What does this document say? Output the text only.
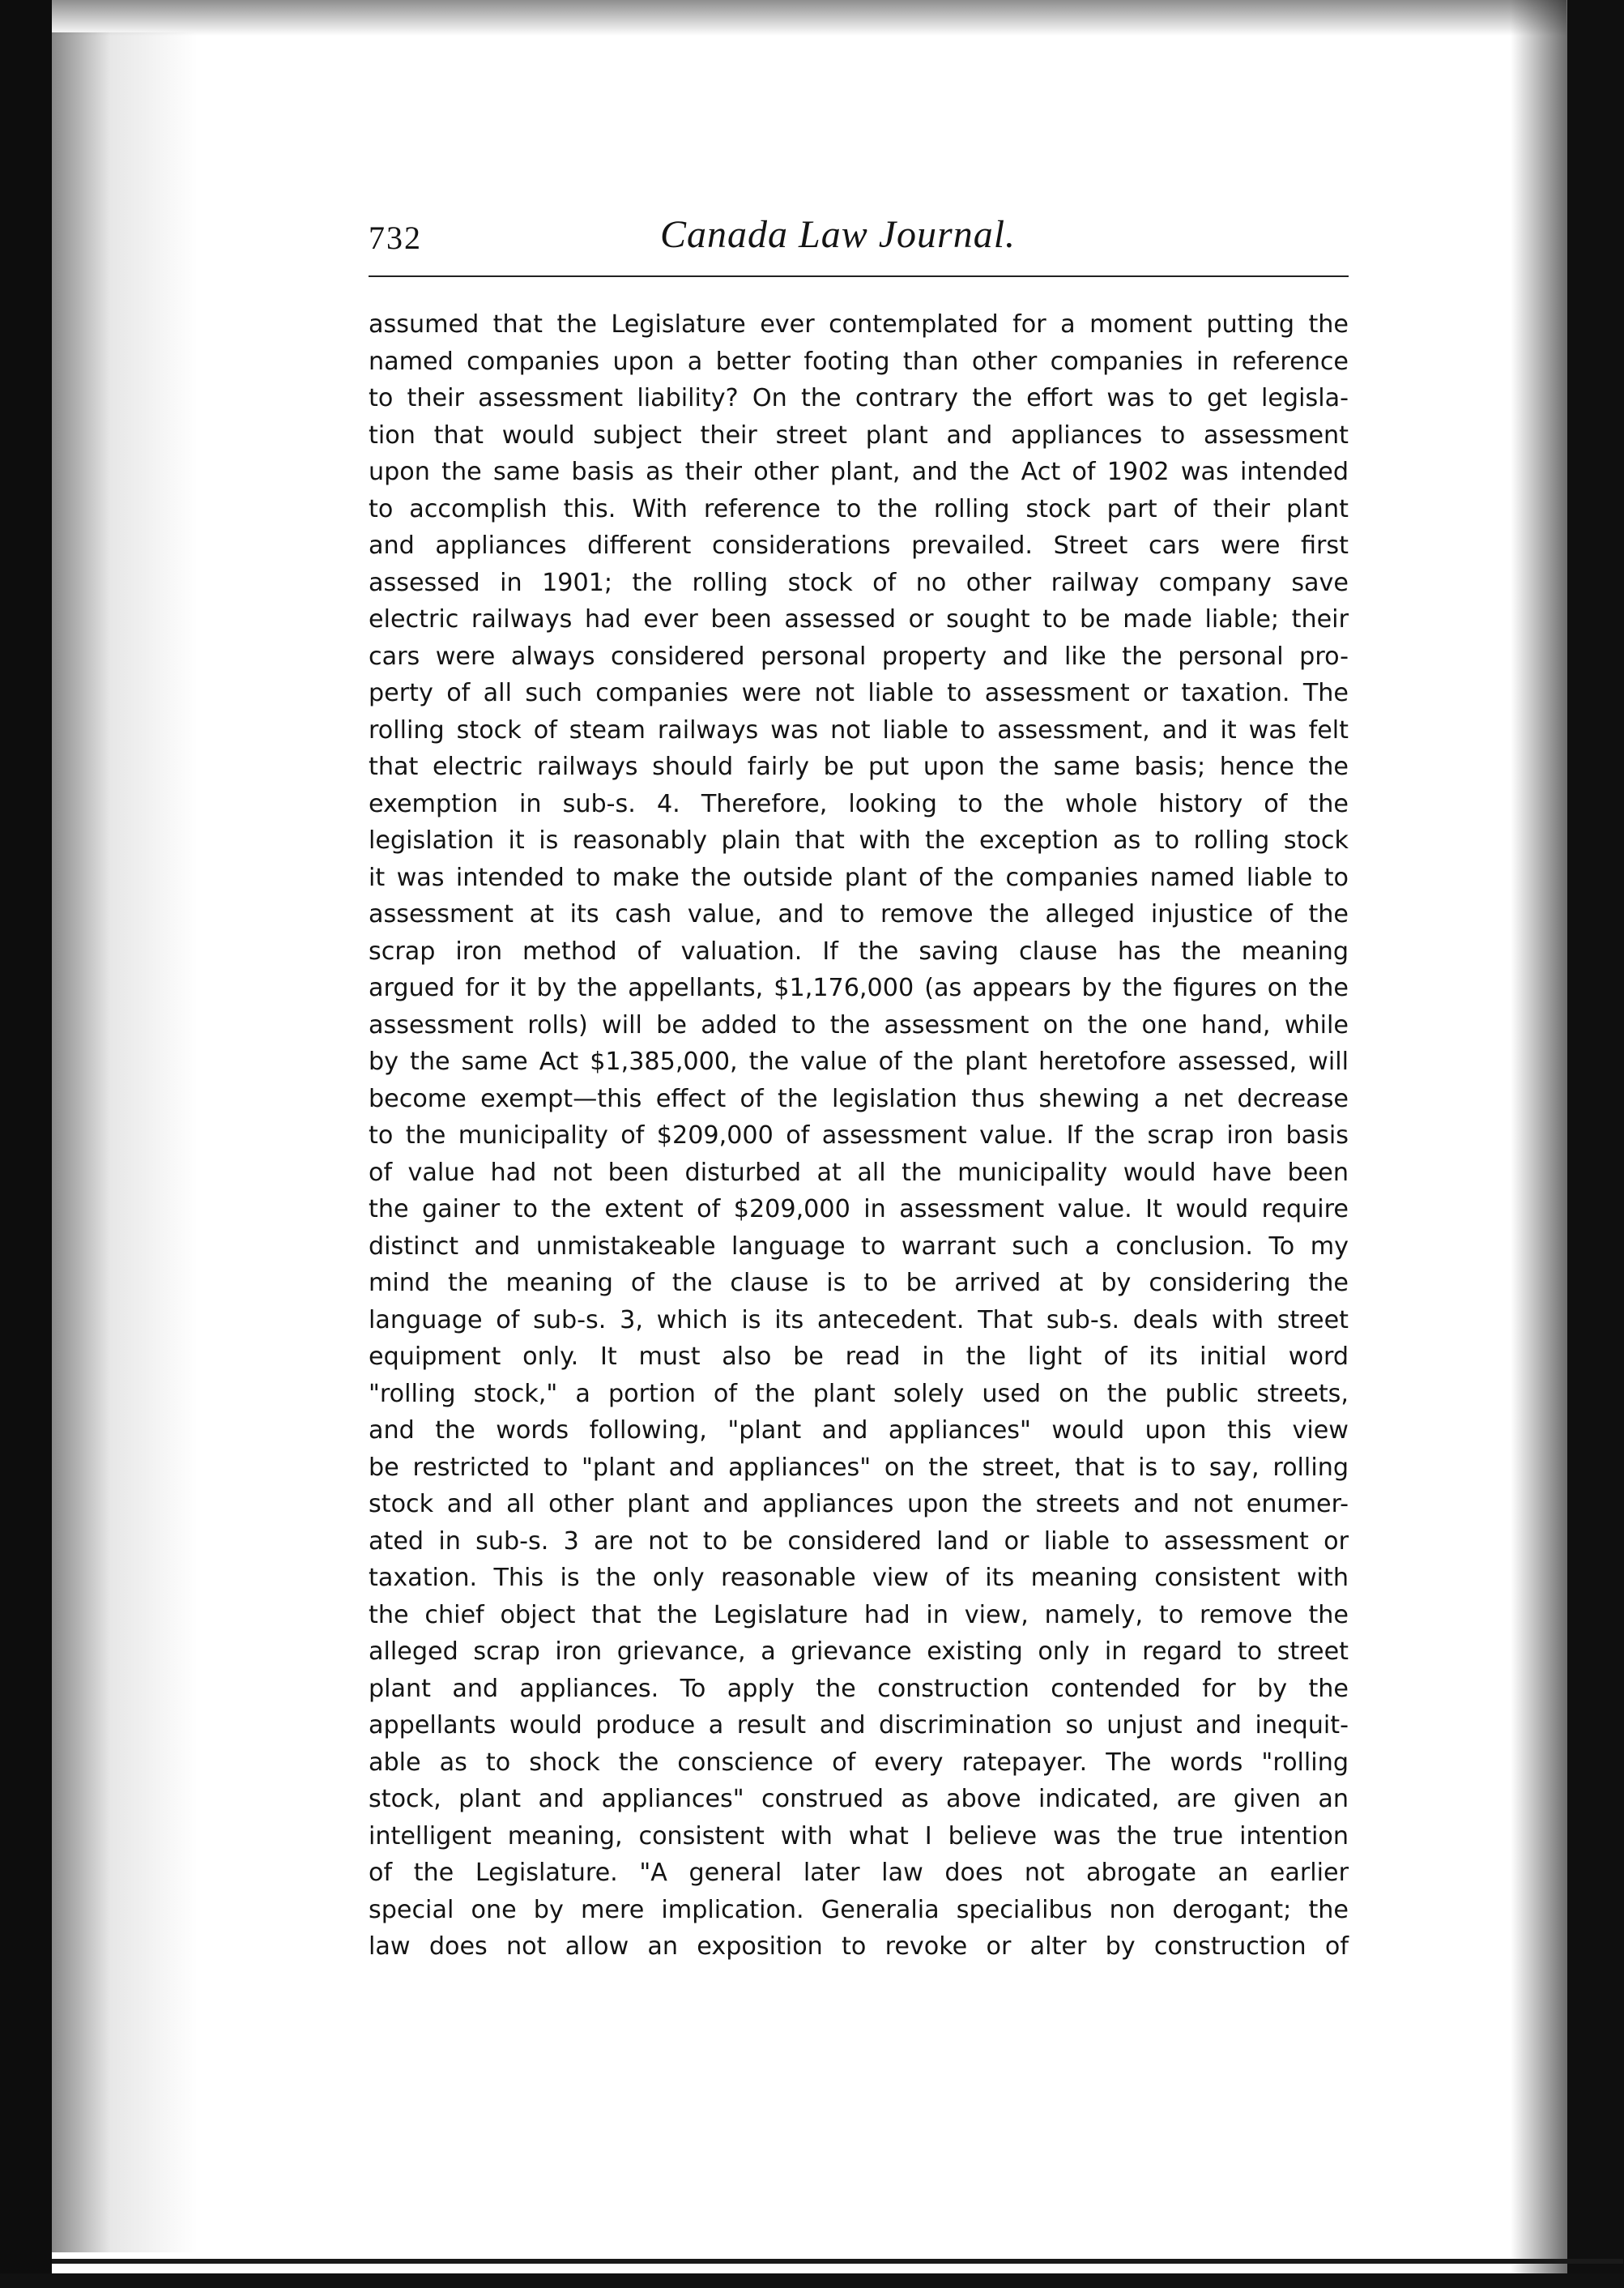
732	Canada Law Journal.
assumed that the Legislature ever contemplated for a moment putting the
named companies upon a better footing than other companies in reference
to their assessment liability? On the contrary the effort was to get legisla-
tion that would subject their street plant and appliances to assessment
upon the same basis as their other plant, and the Act of 1902 was intended
to accomplish this. With reference to the rolling stock part of their plant
and appliances different considerations prevailed. Street cars were first
assessed in 1901; the rolling stock of no other railway company save
electric railways had ever been assessed or sought to be made liable; their
cars were always considered personal property and like the personal pro-
perty of all such companies were not liable to assessment or taxation. The
rolling stock of steam railways was not liable to assessment, and it was felt
that electric railways should fairly be put upon the same basis; hence the
exemption in sub-s. 4. Therefore, looking to the whole history of the
legislation it is reasonably plain that with the exception as to rolling stock
it was intended to make the outside plant of the companies named liable to
assessment at its cash value, and to remove the alleged injustice of the
scrap iron method of valuation. If the saving clause has the meaning
argued for it by the appellants, $1,176,000 (as appears by the figures on the
assessment rolls) will be added to the assessment on the one hand, while
by the same Act $1,385,000, the value of the plant heretofore assessed, will
become exempt—this effect of the legislation thus shewing a net decrease
to the municipality of $209,000 of assessment value. If the scrap iron basis
of value had not been disturbed at all the municipality would have been
the gainer to the extent of $209,000 in assessment value. It would require
distinct and unmistakeable language to warrant such a conclusion. To my
mind the meaning of the clause is to be arrived at by considering the
language of sub-s. 3, which is its antecedent. That sub-s. deals with street
equipment only. It must also be read in the light of its initial word
"rolling stock," a portion of the plant solely used on the public streets,
and the words following, "plant and appliances" would upon this view
be restricted to "plant and appliances" on the street, that is to say, rolling
stock and all other plant and appliances upon the streets and not enumer-
ated in sub-s. 3 are not to be considered land or liable to assessment or
taxation. This is the only reasonable view of its meaning consistent with
the chief object that the Legislature had in view, namely, to remove the
alleged scrap iron grievance, a grievance existing only in regard to street
plant and appliances. To apply the construction contended for by the
appellants would produce a result and discrimination so unjust and inequit-
able as to shock the conscience of every ratepayer. The words "rolling
stock, plant and appliances" construed as above indicated, are given an
intelligent meaning, consistent with what I believe was the true intention
of the Legislature. "A general later law does not abrogate an earlier
special one by mere implication. Generalia specialibus non derogant; the
law does not allow an exposition to revoke or alter by construction of
